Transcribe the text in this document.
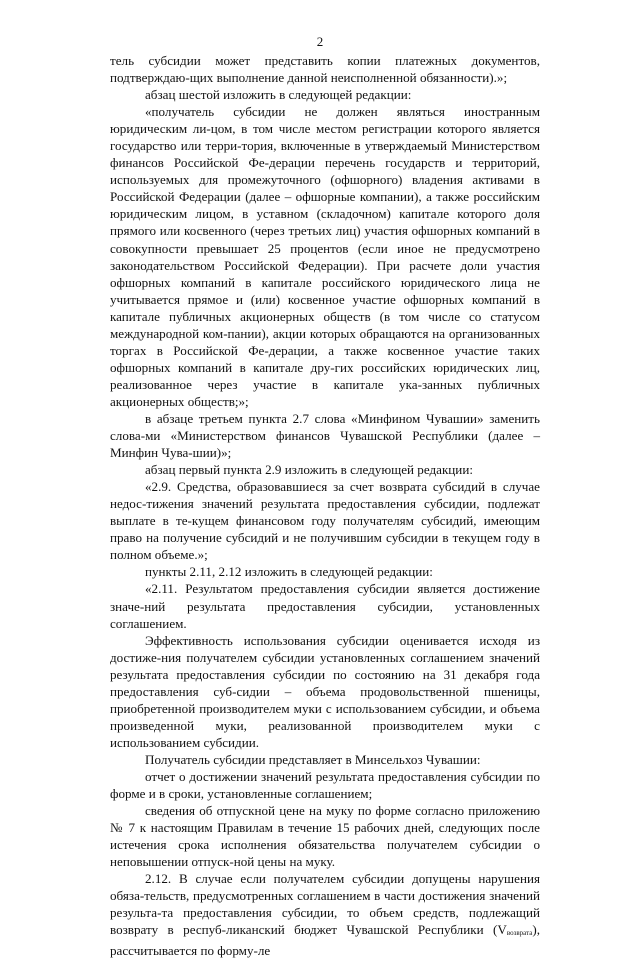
2

тель субсидии может представить копии платежных документов, подтверждаю-щих выполнение данной неисполненной обязанности).»;

абзац шестой изложить в следующей редакции:

«получатель субсидии не должен являться иностранным юридическим ли-цом, в том числе местом регистрации которого является государство или терри-тория, включенные в утверждаемый Министерством финансов Российской Фе-дерации перечень государств и территорий, используемых для промежуточного (офшорного) владения активами в Российской Федерации (далее – офшорные компании), а также российским юридическим лицом, в уставном (складочном) капитале которого доля прямого или косвенного (через третьих лиц) участия офшорных компаний в совокупности превышает 25 процентов (если иное не предусмотрено законодательством Российской Федерации). При расчете доли участия офшорных компаний в капитале российского юридического лица не учитывается прямое и (или) косвенное участие офшорных компаний в капитале публичных акционерных обществ (в том числе со статусом международной ком-пании), акции которых обращаются на организованных торгах в Российской Фе-дерации, а также косвенное участие таких офшорных компаний в капитале дру-гих российских юридических лиц, реализованное через участие в капитале ука-занных публичных акционерных обществ;»;

в абзаце третьем пункта 2.7 слова «Минфином Чувашии» заменить слова-ми «Министерством финансов Чувашской Республики (далее – Минфин Чува-шии)»;

абзац первый пункта 2.9 изложить в следующей редакции:

«2.9. Средства, образовавшиеся за счет возврата субсидий в случае недос-тижения значений результата предоставления субсидии, подлежат выплате в те-кущем финансовом году получателям субсидий, имеющим право на получение субсидий и не получившим субсидии в текущем году в полном объеме.»;

пункты 2.11, 2.12 изложить в следующей редакции:

«2.11. Результатом предоставления субсидии является достижение значе-ний результата предоставления субсидии, установленных соглашением.

Эффективность использования субсидии оценивается исходя из достиже-ния получателем субсидии установленных соглашением значений результата предоставления субсидии по состоянию на 31 декабря года предоставления суб-сидии – объема продовольственной пшеницы, приобретенной производителем муки с использованием субсидии, и объема произведенной муки, реализованной производителем муки с использованием субсидии.

Получатель субсидии представляет в Минсельхоз Чувашии:

отчет о достижении значений результата предоставления субсидии по форме и в сроки, установленные соглашением;

сведения об отпускной цене на муку по форме согласно приложению № 7 к настоящим Правилам в течение 15 рабочих дней, следующих после истечения срока исполнения обязательства получателем субсидии о неповышении отпуск-ной цены на муку.

2.12. В случае если получателем субсидии допущены нарушения обяза-тельств, предусмотренных соглашением в части достижения значений результа-та предоставления субсидии, то объем средств, подлежащий возврату в респуб-ликанский бюджет Чувашской Республики (Vвозврата), рассчитывается по форму-ле
